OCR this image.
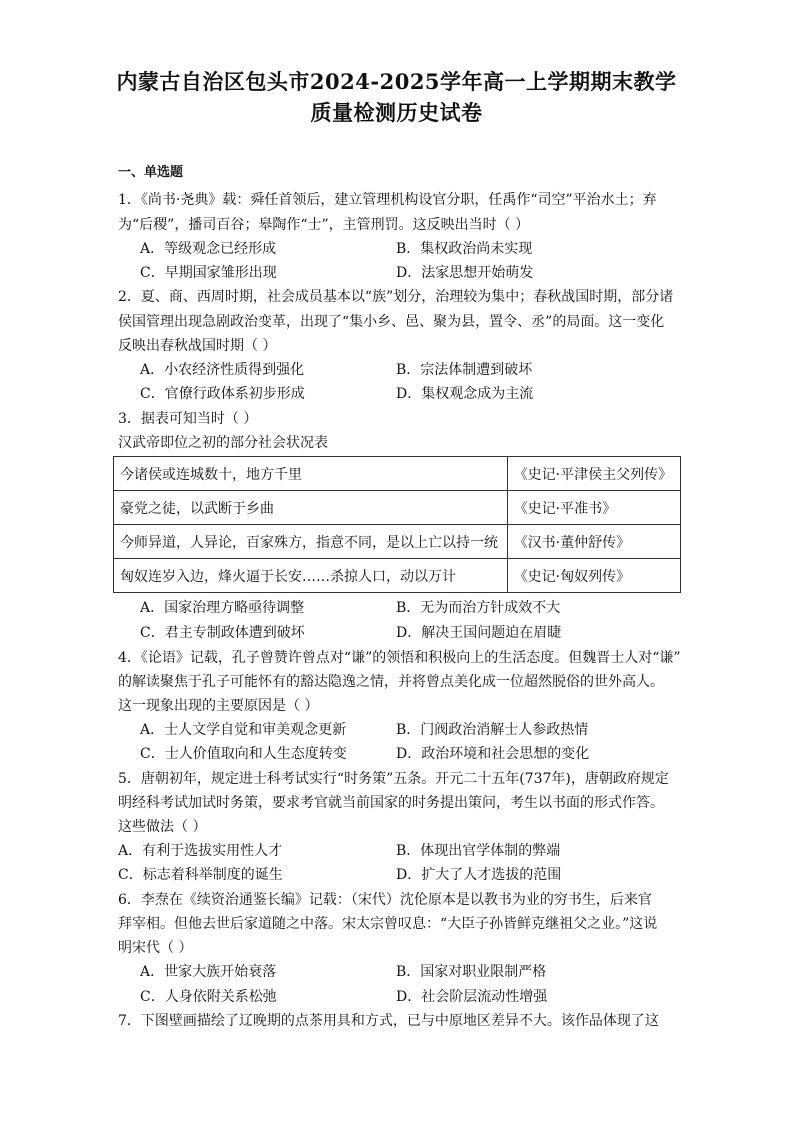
内蒙古自治区包头市2024-2025学年高一上学期期末教学
质量检测历史试卷
一、单选题
1．《尚书·尧典》载：舜任首领后，建立管理机构设官分职，任禹作“司空”平治水土；弃
为“后稷”，播司百谷；皋陶作“士”，主管刑罚。这反映出当时（ ）
A．等级观念已经形成	B．集权政治尚未实现
C．早期国家雏形出现	D．法家思想开始萌发
2．夏、商、西周时期，社会成员基本以“族”划分，治理较为集中；春秋战国时期，部分诸
侯国管理出现急剧政治变革，出现了“集小乡、邑、聚为县，置令、丞”的局面。这一变化
反映出春秋战国时期（ ）
A．小农经济性质得到强化	B．宗法体制遭到破坏
C．官僚行政体系初步形成	D．集权观念成为主流
3．据表可知当时（ ）
汉武帝即位之初的部分社会状况表
今诸侯或连城数十，地方千里	《史记·平津侯主父列传》
豪党之徒，以武断于乡曲	《史记·平准书》
今师异道，人异论，百家殊方，指意不同，是以上亡以持一统	《汉书·董仲舒传》
匈奴连岁入边，烽火逼于长安……杀掠人口，动以万计	《史记·匈奴列传》
A．国家治理方略亟待调整	B．无为而治方针成效不大
C．君主专制政体遭到破坏	D．解决王国问题迫在眉睫
4．《论语》记载，孔子曾赞许曾点对“谦”的领悟和积极向上的生活态度。但魏晋士人对“谦”
的解读聚焦于孔子可能怀有的豁达隐逸之情，并将曾点美化成一位超然脱俗的世外高人。
这一现象出现的主要原因是（ ）
A．士人文学自觉和审美观念更新	B．门阀政治消解士人参政热情
C．士人价值取向和人生态度转变	D．政治环境和社会思想的变化
5．唐朝初年，规定进士科考试实行“时务策”五条。开元二十五年(737年)，唐朝政府规定
明经科考试加试时务策，要求考官就当前国家的时务提出策问，考生以书面的形式作答。
这些做法（ ）
A．有利于选拔实用性人才	B．体现出官学体制的弊端
C．标志着科举制度的诞生	D．扩大了人才选拔的范围
6．李焘在《续资治通鉴长编》记载：（宋代）沈伦原本是以教书为业的穷书生，后来官
拜宰相。但他去世后家道随之中落。宋太宗曾叹息：“大臣子孙皆鲜克继祖父之业。”这说
明宋代（ ）
A．世家大族开始衰落	B．国家对职业限制严格
C．人身依附关系松弛	D．社会阶层流动性增强
7．下图壁画描绘了辽晚期的点茶用具和方式，已与中原地区差异不大。该作品体现了这
